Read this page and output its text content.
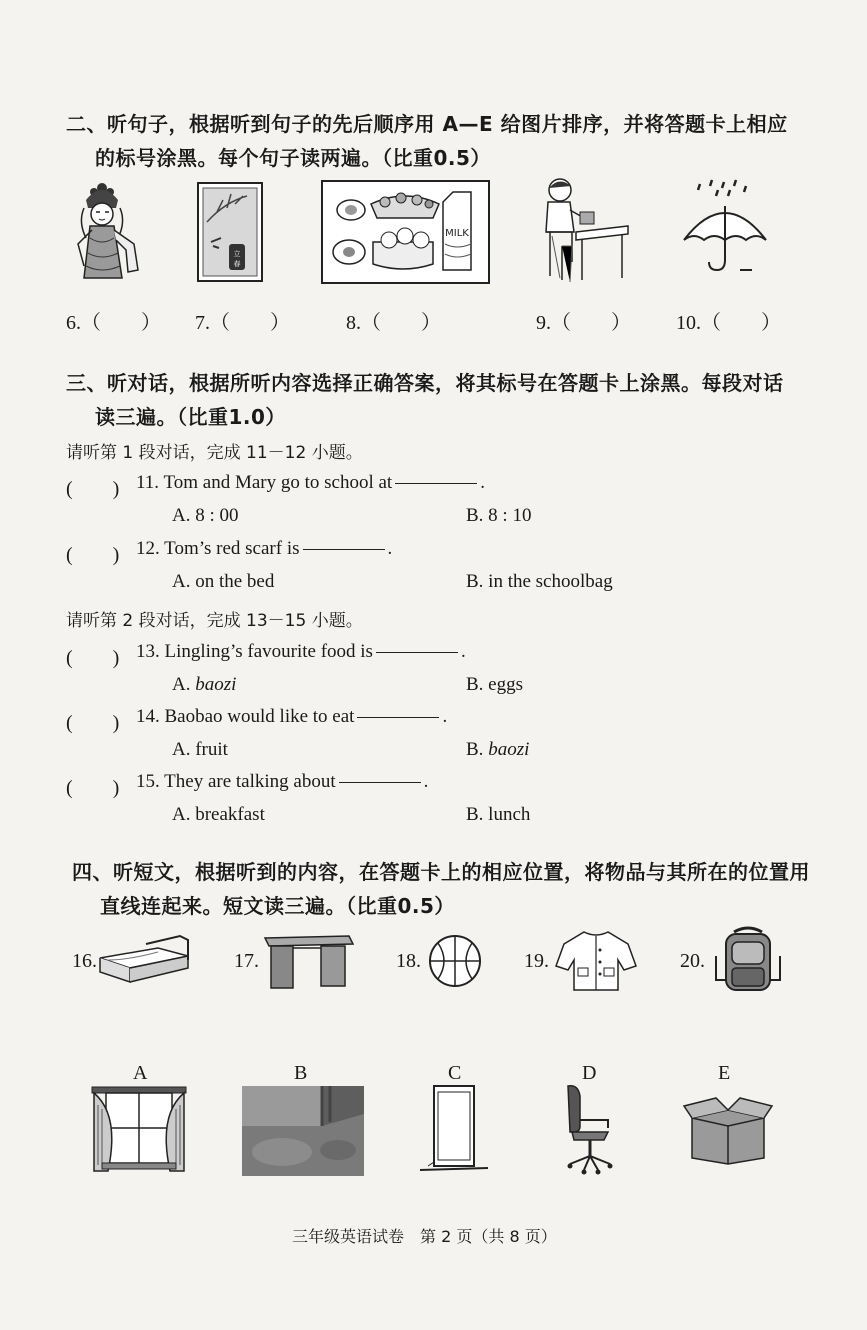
二、听句子，根据听到句子的先后顺序用 A—E 给图片排序，并将答题卡上相应
的标号涂黑。每个句子读两遍。（比重0.5）
立
春
MILK
6.（　　） 7.（　　）	8.（　　）	9.（　　） 10.（　　）
三、听对话，根据所听内容选择正确答案，将其标号在答题卡上涂黑。每段对话
读三遍。（比重1.0）
请听第 1 段对话，完成 11－12 小题。
(　　) 11. Tom and Mary go to school at	.
A. 8 : 00	B. 8 : 10
(　　) 12. Tom’s red scarf is	.
A. on the bed	B. in the schoolbag
请听第 2 段对话，完成 13－15 小题。
(　　) 13. Lingling’s favourite food is	.
A. baozi	B. eggs
(　　) 14. Baobao would like to eat	.
A. fruit	B. baozi
(　　) 15. They are talking about	.
A. breakfast	B. lunch
四、听短文，根据听到的内容，在答题卡上的相应位置，将物品与其所在的位置用
直线连起来。短文读三遍。（比重0.5）
16.	17.	18.	19.	20.
A	B	C	D	E
三年级英语试卷　第 2 页（共 8 页）
